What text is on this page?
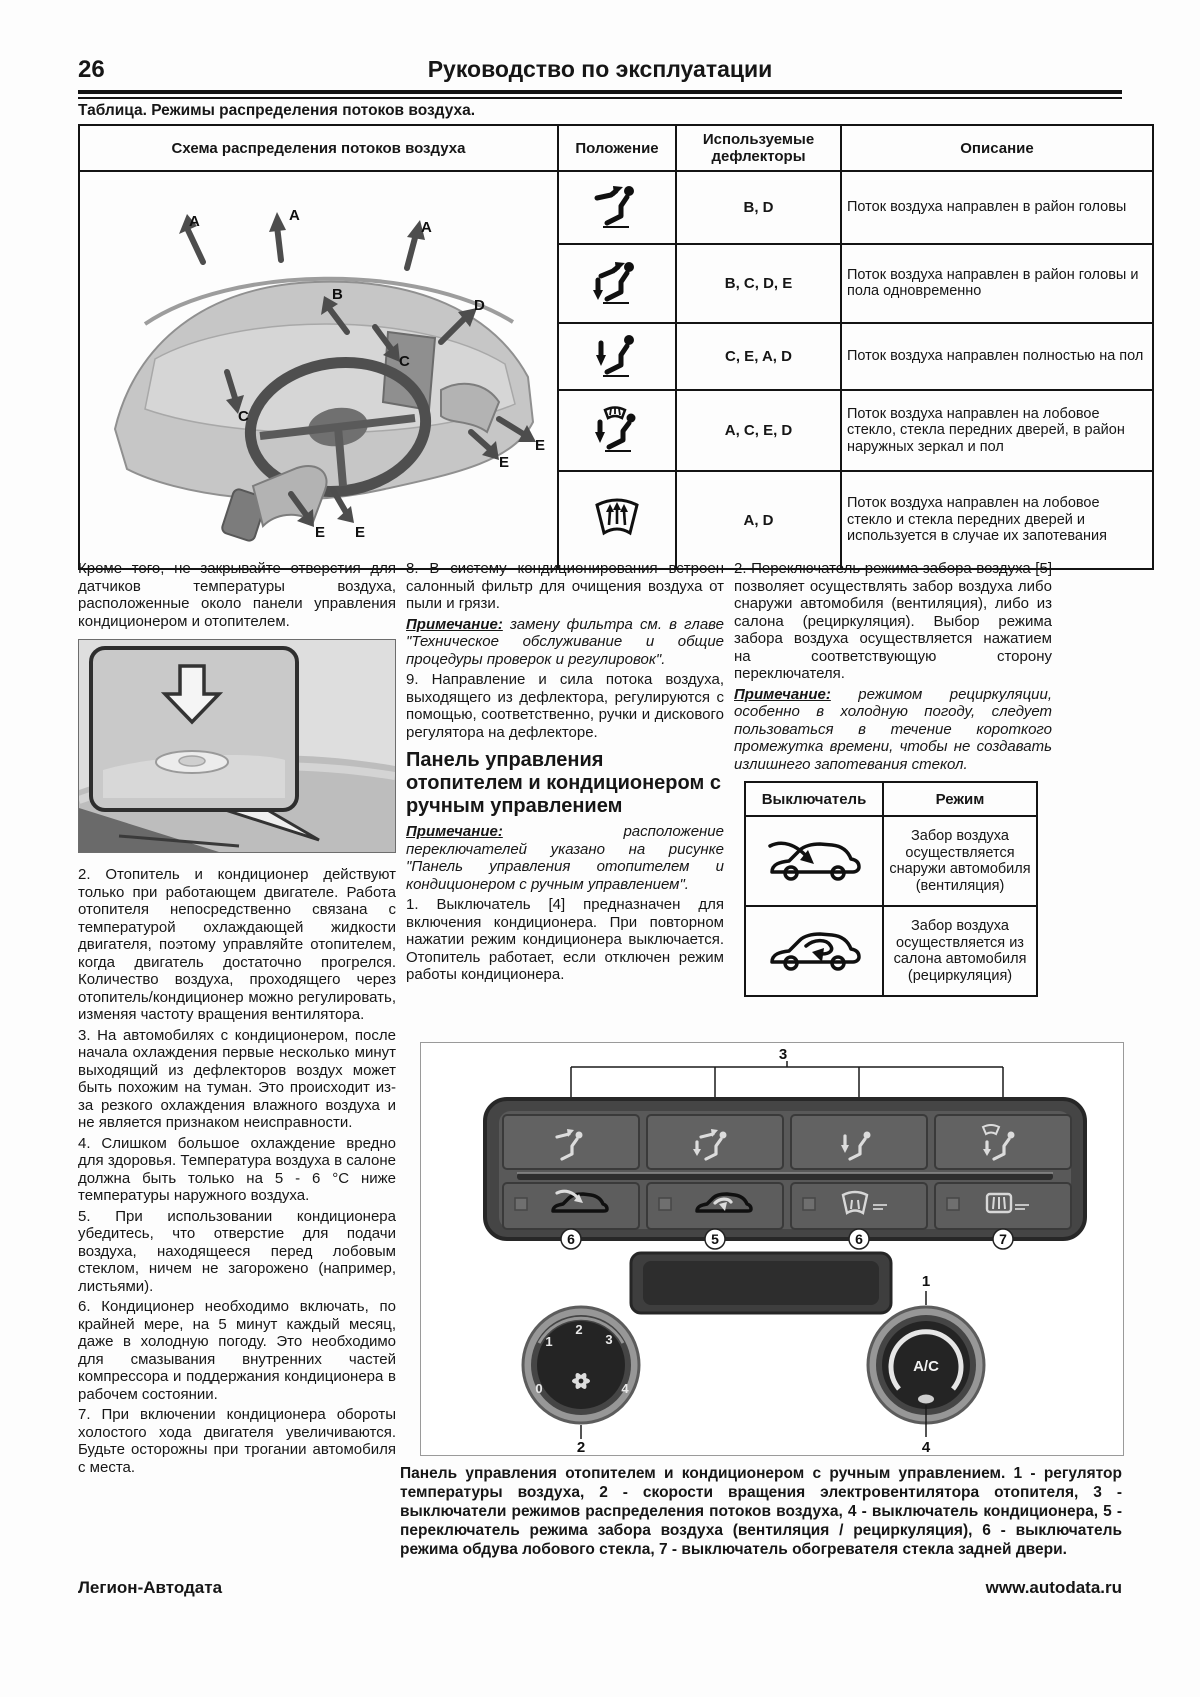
26	Руководство по эксплуатации
Таблица. Режимы распределения потоков воздуха.
Схема распределения потоков воздуха	Положение	Используемые дефлекторы	Описание

A	A
A
B
D
C
C
E
E
E E
		B, D	Поток воздуха направлен в район головы
	B, C, D, E	Поток воздуха направлен в район головы и пола одновременно
	C, E, A, D	Поток воздуха направлен полностью на пол
	A, C, E, D	Поток воздуха направлен на лобовое стекло, стекла передних дверей, в район наружных зеркал и пол
	A, D	Поток воздуха направлен на лобовое стекло и стекла передних дверей и используется в случае их запотевания

Кроме того, не закрывайте отверстия для датчиков температуры воздуха, расположенные около панели управления кондиционером и отопителем.

2. Отопитель и кондиционер действуют только при работающем двигателе. Работа отопителя непосредственно связана с температурой охлаждающей жидкости двигателя, поэтому управляйте отопителем, когда двигатель достаточно прогрелся. Количество воздуха, проходящего через отопитель/кондиционер можно регулировать, изменяя частоту вращения вентилятора.

3. На автомобилях с кондиционером, после начала охлаждения первые несколько минут выходящий из дефлекторов воздух может быть похожим на туман. Это происходит из-за резкого охлаждения влажного воздуха и не является признаком неисправности.

4. Слишком большое охлаждение вредно для здоровья. Температура воздуха в салоне должна быть только на 5 - 6 °C ниже температуры наружного воздуха.

5. При использовании кондиционера убедитесь, что отверстие для подачи воздуха, находящееся перед лобовым стеклом, ничем не загорожено (например, листьями).

6. Кондиционер необходимо включать, по крайней мере, на 5 минут каждый месяц, даже в холодную погоду. Это необходимо для смазывания внутренних частей компрессора и поддержания кондиционера в рабочем состоянии.

7. При включении кондиционера обороты холостого хода двигателя увеличиваются. Будьте осторожны при трогании автомобиля с места.

8. В систему кондиционирования встроен салонный фильтр для очищения воздуха от пыли и грязи.

Примечание: замену фильтра см. в главе "Техническое обслуживание и общие процедуры проверок и регулировок".

9. Направление и сила потока воздуха, выходящего из дефлектора, регулируются с помощью, соответственно, ручки и дискового регулятора на дефлекторе.

Панель управления отопителем и кондиционером с ручным управлением

Примечание: расположение переключателей указано на рисунке "Панель управления отопителем и кондиционером с ручным управлением".

1. Выключатель [4] предназначен для включения кондиционера. При повторном нажатии режим кондиционера выключается. Отопитель работает, если отключен режим работы кондиционера.

2. Переключатель режима забора воздуха [5] позволяет осуществлять забор воздуха либо снаружи автомобиля (вентиляция), либо из салона (рециркуляция). Выбор режима забора воздуха осуществляется нажатием на соответствующую сторону переключателя.

Примечание: режимом рециркуляции, особенно в холодную погоду, следует пользоваться в течение короткого промежутка времени, чтобы не создавать излишнего запотевания стекол.

Выключатель	Режим
	Забор воздуха осуществляется снаружи автомобиля (вентиляция)
	Забор воздуха осуществляется из салона автомобиля (рециркуляция)
3
6	5	6	7
0
1
2
3
4
2
A/C
1
4
Панель управления отопителем и кондиционером с ручным управлением. 1 - регулятор температуры воздуха, 2 - скорости вращения электровентилятора отопителя, 3 - выключатели режимов распределения потоков воздуха, 4 - выключатель кондиционера, 5 - переключатель режима забора воздуха (вентиляция / рециркуляция), 6 - выключатель режима обдува лобового стекла, 7 - выключатель обогревателя стекла задней двери.
Легион-Автодата	www.autodata.ru
